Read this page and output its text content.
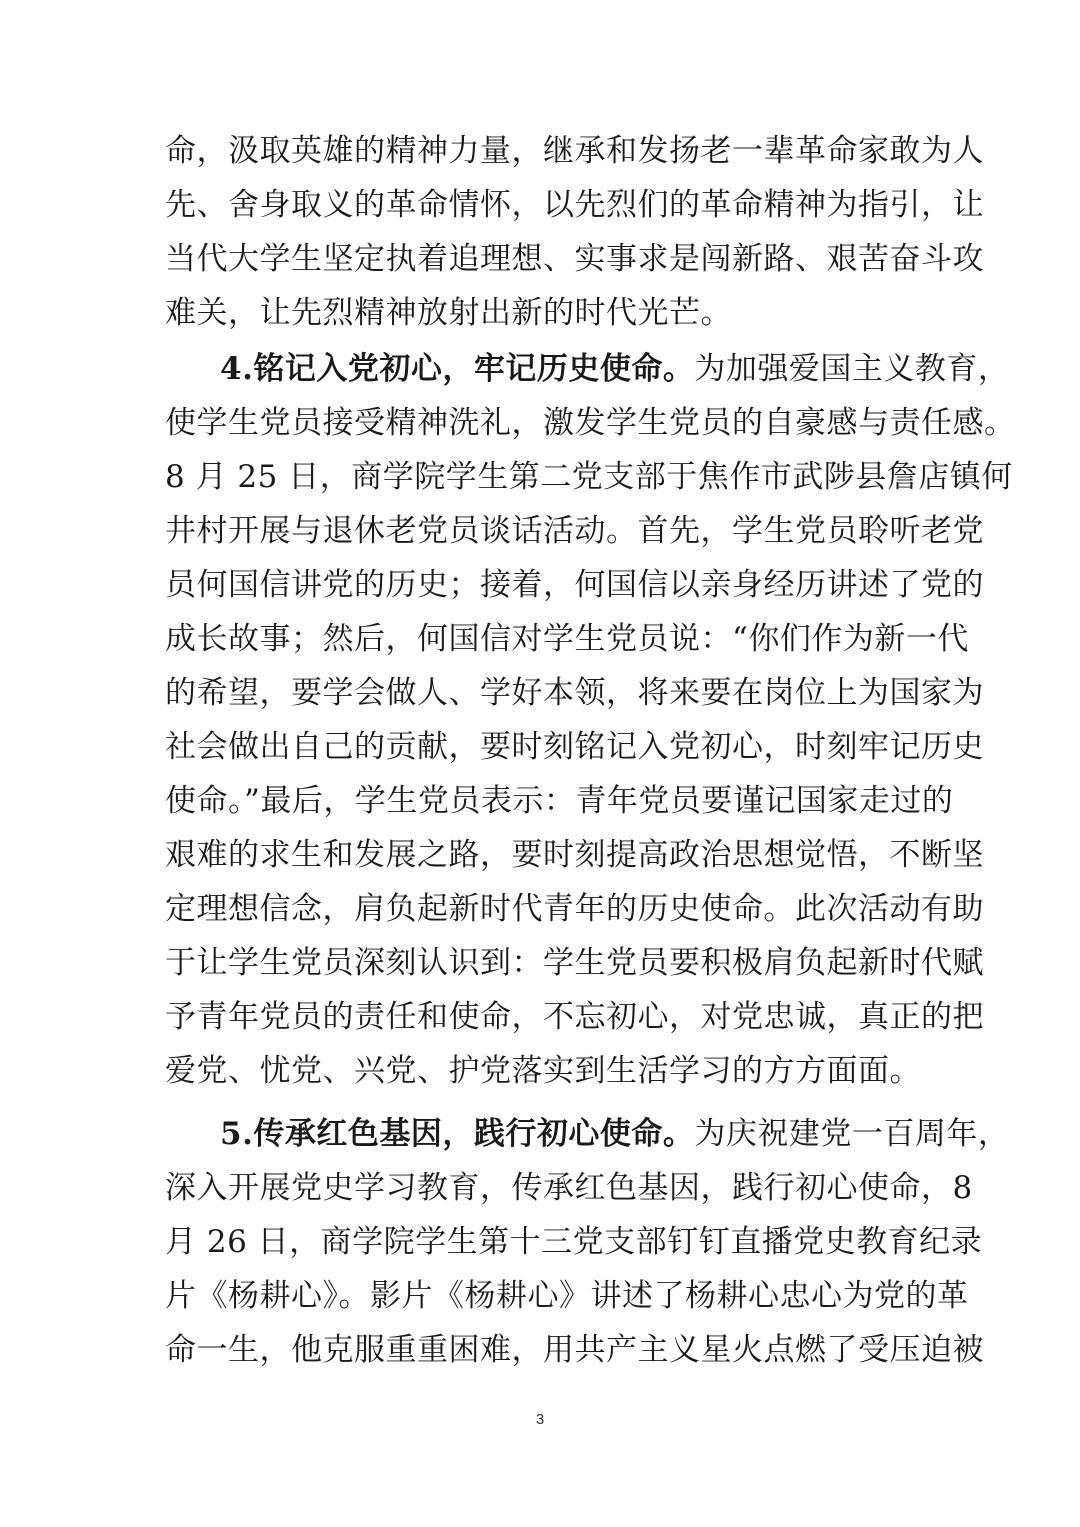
命，汲取英雄的精神力量，继承和发扬老一辈革命家敢为人
先、舍身取义的革命情怀，以先烈们的革命精神为指引，让
当代大学生坚定执着追理想、实事求是闯新路、艰苦奋斗攻
难关，让先烈精神放射出新的时代光芒。
4.铭记入党初心，牢记历史使命。为加强爱国主义教育，
使学生党员接受精神洗礼，激发学生党员的自豪感与责任感。
8 月 25 日，商学院学生第二党支部于焦作市武陟县詹店镇何
井村开展与退休老党员谈话活动。首先，学生党员聆听老党
员何国信讲党的历史；接着，何国信以亲身经历讲述了党的
成长故事；然后，何国信对学生党员说：“你们作为新一代
的希望，要学会做人、学好本领，将来要在岗位上为国家为
社会做出自己的贡献，要时刻铭记入党初心，时刻牢记历史
使命。”最后，学生党员表示：青年党员要谨记国家走过的
艰难的求生和发展之路，要时刻提高政治思想觉悟，不断坚
定理想信念，肩负起新时代青年的历史使命。此次活动有助
于让学生党员深刻认识到：学生党员要积极肩负起新时代赋
予青年党员的责任和使命，不忘初心，对党忠诚，真正的把
爱党、忧党、兴党、护党落实到生活学习的方方面面。
5.传承红色基因，践行初心使命。为庆祝建党一百周年，
深入开展党史学习教育，传承红色基因，践行初心使命，8
月 26 日，商学院学生第十三党支部钉钉直播党史教育纪录
片《杨耕心》。影片《杨耕心》讲述了杨耕心忠心为党的革
命一生，他克服重重困难，用共产主义星火点燃了受压迫被
3
